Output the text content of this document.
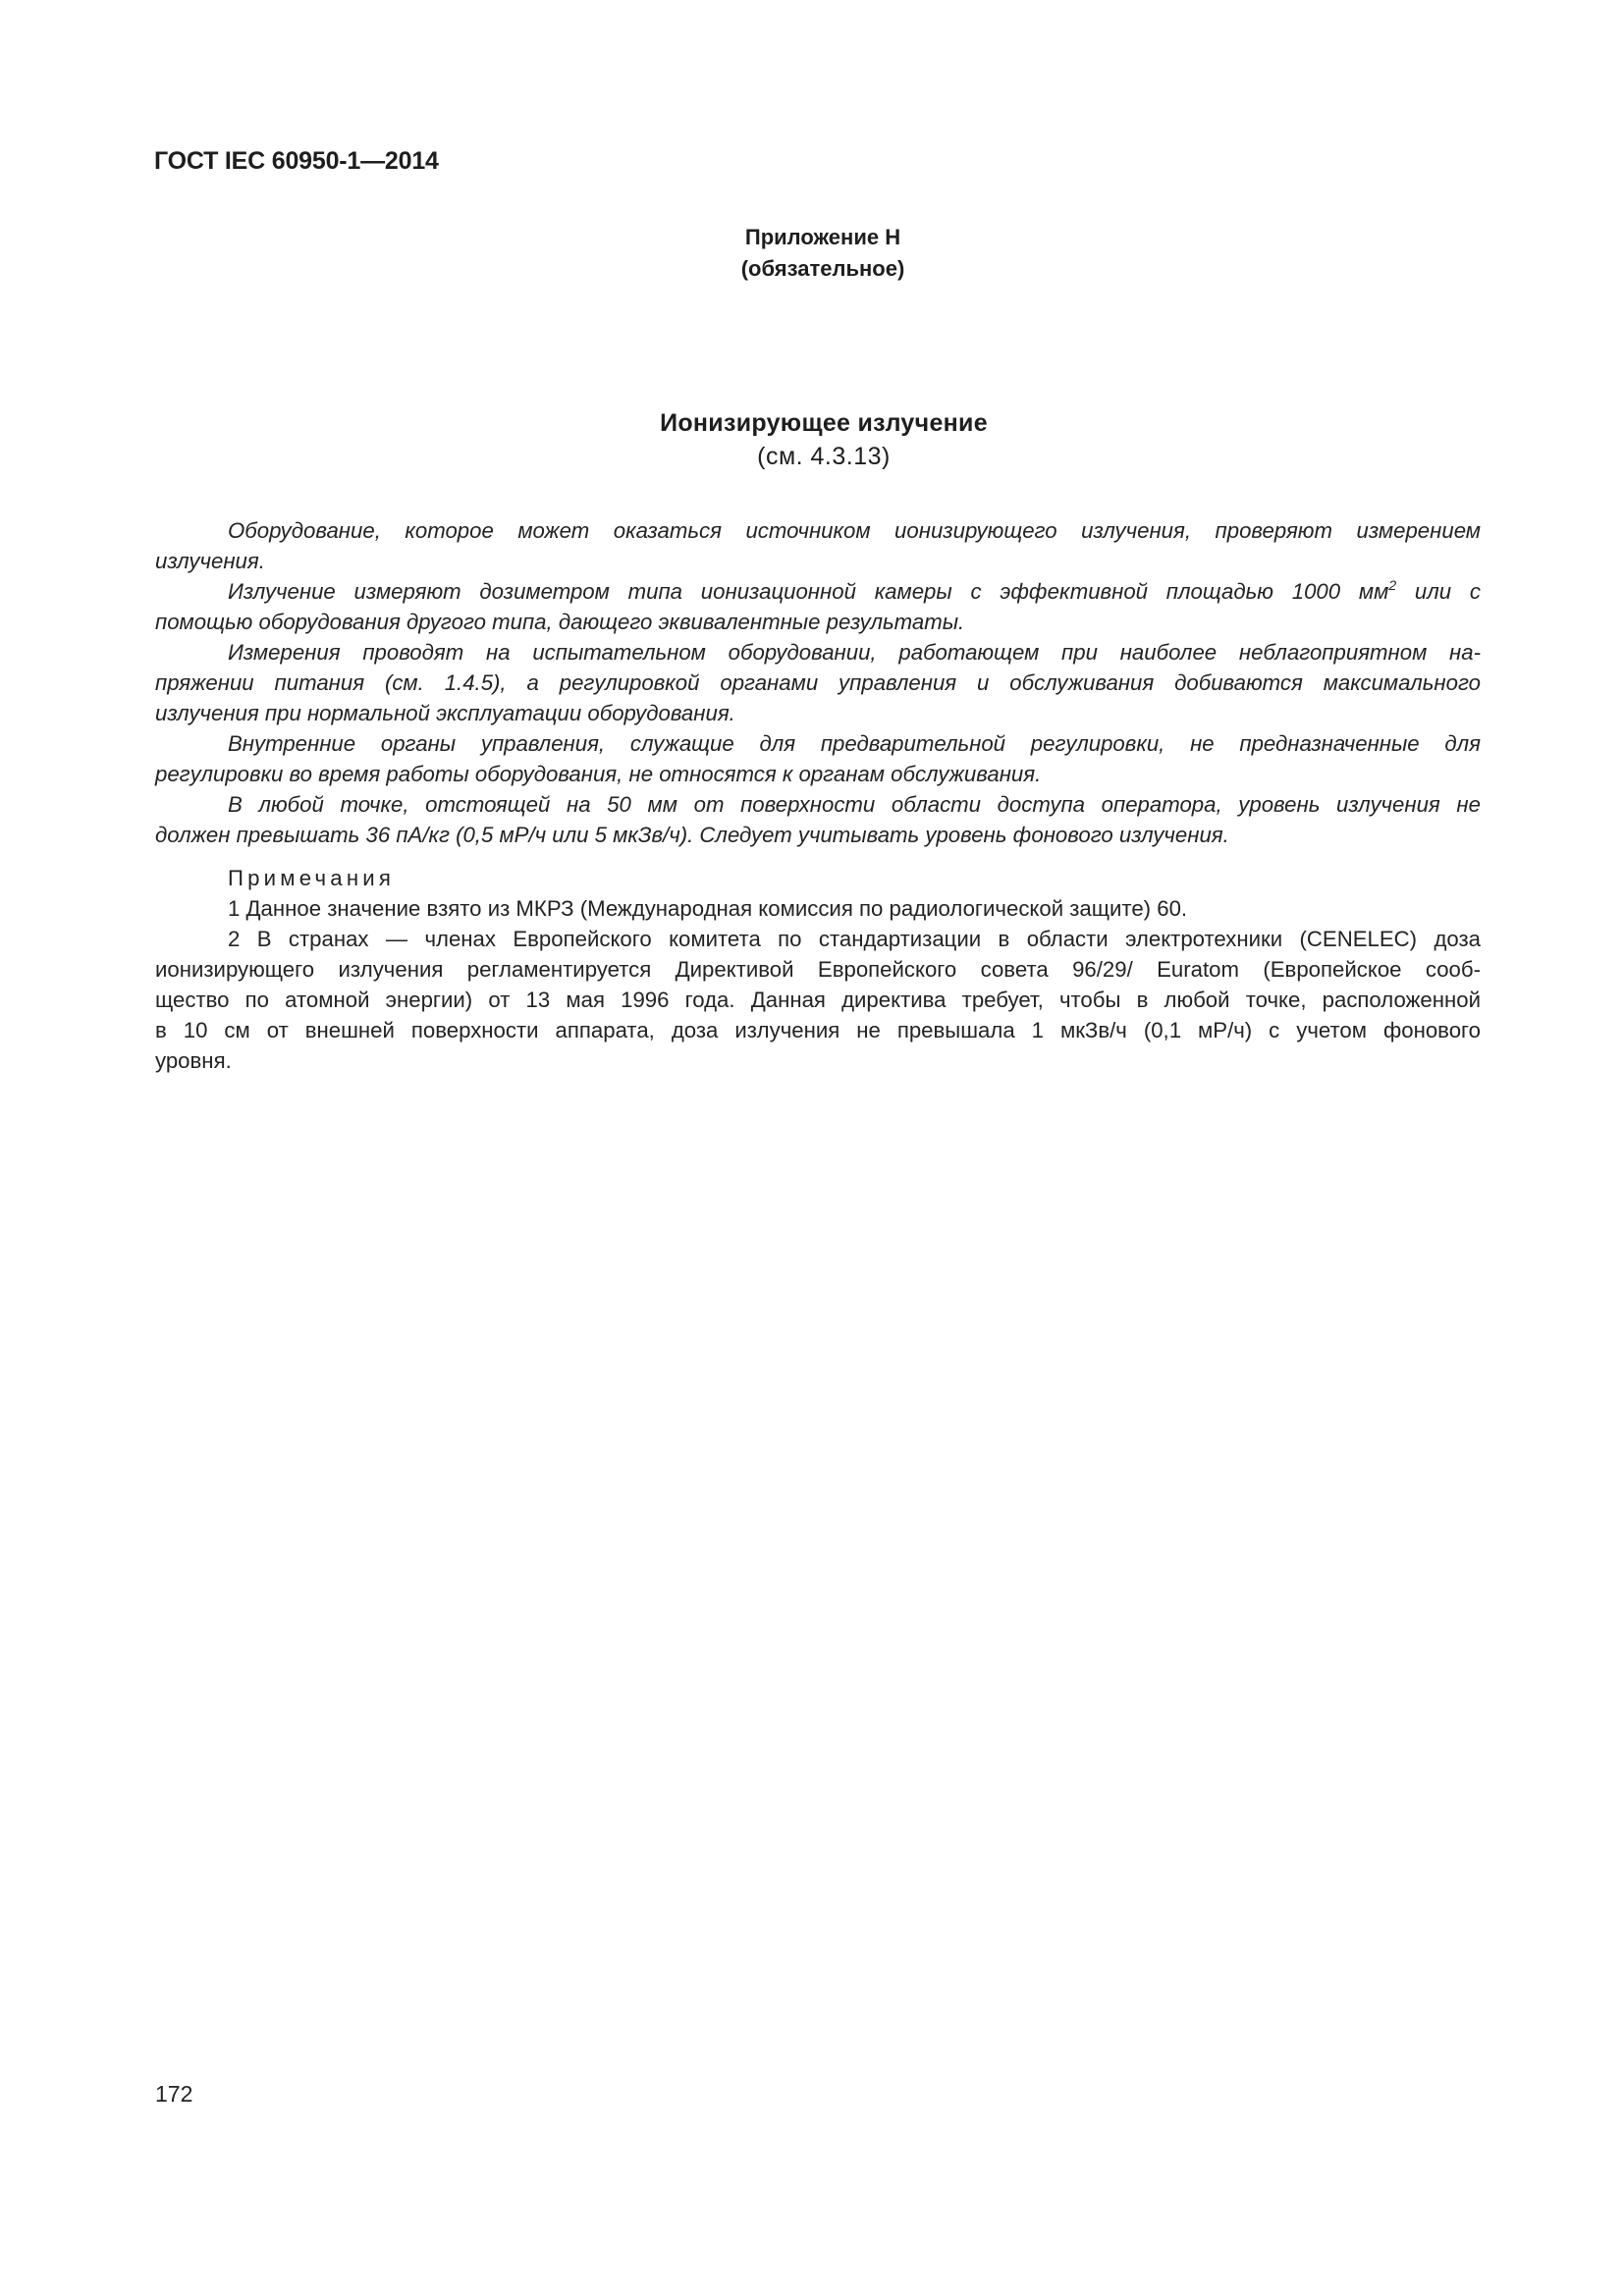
ГОСТ IEC 60950-1—2014
Приложение Н
(обязательное)
Ионизирующее излучение
(см. 4.3.13)
Оборудование, которое может оказаться источником ионизирующего излучения, проверяют измерением
излучения.
Излучение измеряют дозиметром типа ионизационной камеры с эффективной площадью 1000 $мм^2$ или с
помощью оборудования другого типа, дающего эквивалентные результаты.
Измерения проводят на испытательном оборудовании, работающем при наиболее неблагоприятном на-
пряжении питания (см. 1.4.5), а регулировкой органами управления и обслуживания добиваются максимального
излучения при нормальной эксплуатации оборудования.
Внутренние органы управления, служащие для предварительной регулировки, не предназначенные для
регулировки во время работы оборудования, не относятся к органам обслуживания.
В любой точке, отстоящей на 50 мм от поверхности области доступа оператора, уровень излучения не
должен превышать 36 пА/кг (0,5 мР/ч или 5 мкЗв/ч). Следует учитывать уровень фонового излучения.
Примечания
1 Данное значение взято из МКРЗ (Международная комиссия по радиологической защите) 60.
2 В странах — членах Европейского комитета по стандартизации в области электротехники (CENELEC) доза
ионизирующего излучения регламентируется Директивой Европейского совета 96/29/ Euratom (Европейское сооб-
щество по атомной энергии) от 13 мая 1996 года. Данная директива требует, чтобы в любой точке, расположенной
в 10 см от внешней поверхности аппарата, доза излучения не превышала 1 мкЗв/ч (0,1 мР/ч) с учетом фонового
уровня.
172
